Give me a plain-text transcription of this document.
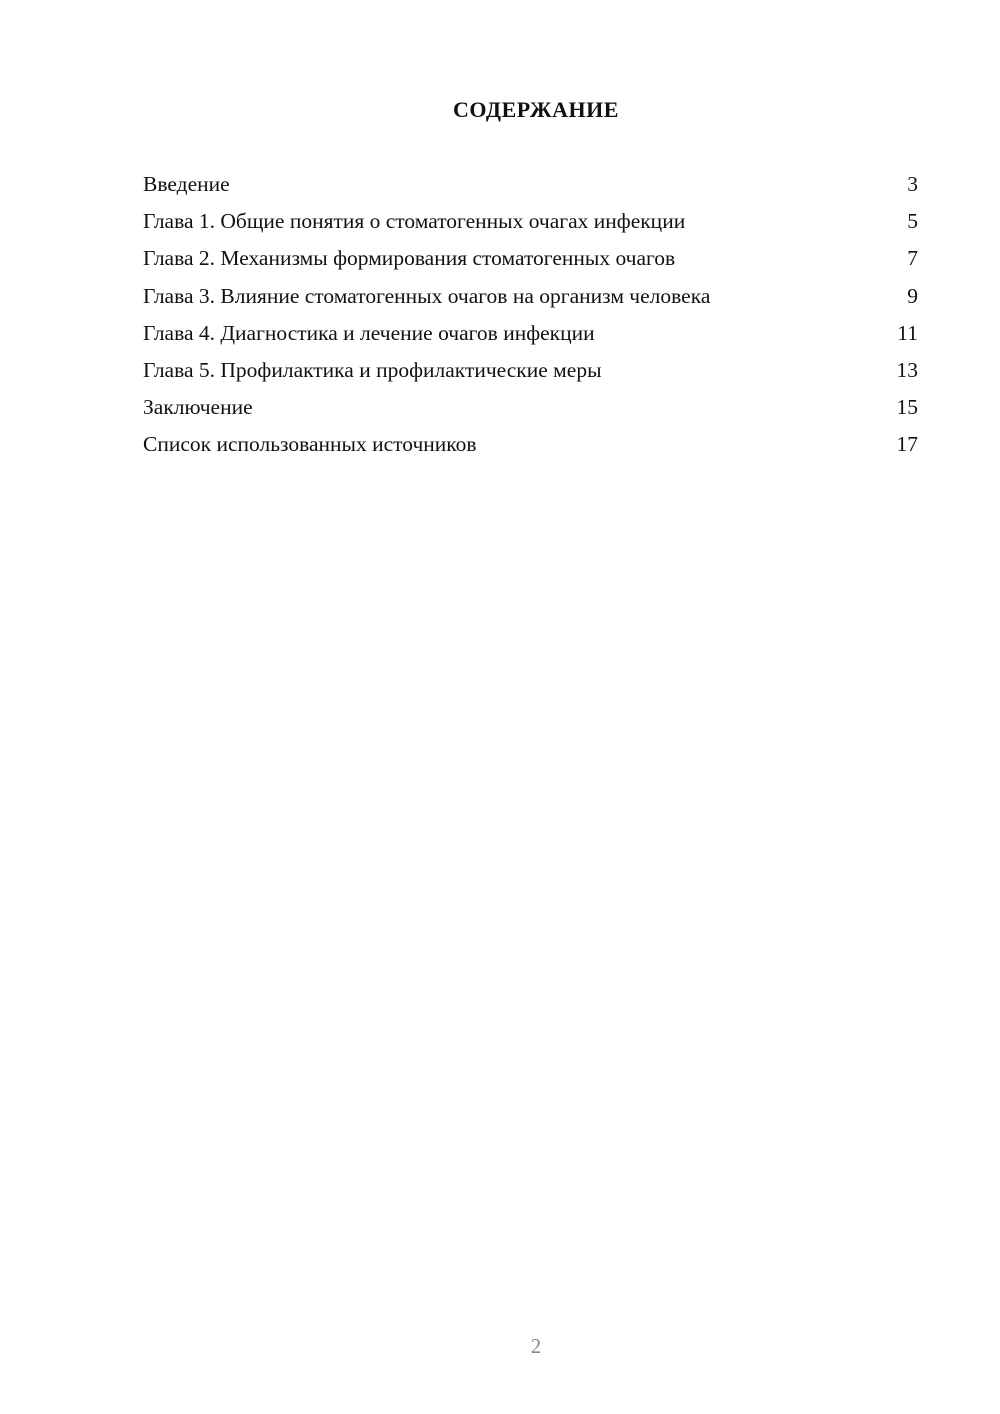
СОДЕРЖАНИЕ
Введение	3
Глава 1. Общие понятия о стоматогенных очагах инфекции	5
Глава 2. Механизмы формирования стоматогенных очагов	7
Глава 3. Влияние стоматогенных очагов на организм человека	9
Глава 4. Диагностика и лечение очагов инфекции	11
Глава 5. Профилактика и профилактические меры	13
Заключение	15
Список использованных источников	17
2
